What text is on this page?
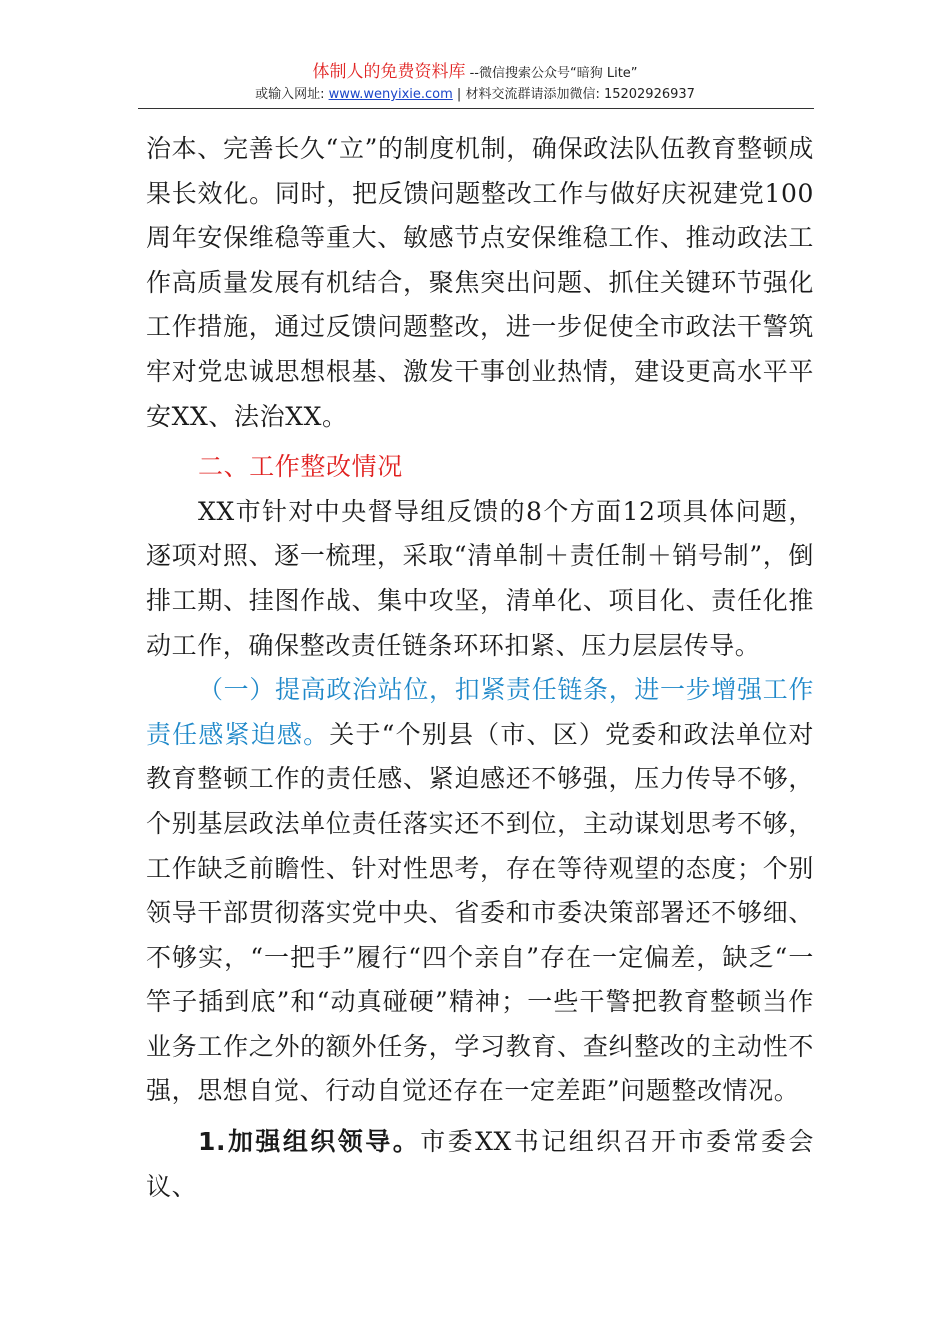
体制人的免费资料库 --微信搜索公众号“暗狗 Lite”
或输入网址: www.wenyixie.com | 材料交流群请添加微信: 15202926937

治本、完善长久“立”的制度机制，确保政法队伍教育整顿成果长效化。同时，把反馈问题整改工作与做好庆祝建党100周年安保维稳等重大、敏感节点安保维稳工作、推动政法工作高质量发展有机结合，聚焦突出问题、抓住关键环节强化工作措施，通过反馈问题整改，进一步促使全市政法干警筑牢对党忠诚思想根基、激发干事创业热情，建设更高水平平安XX、法治XX。

二、工作整改情况

XX市针对中央督导组反馈的8个方面12项具体问题，逐项对照、逐一梳理，采取“清单制＋责任制＋销号制”，倒排工期、挂图作战、集中攻坚，清单化、项目化、责任化推动工作，确保整改责任链条环环扣紧、压力层层传导。

（一）提高政治站位，扣紧责任链条，进一步增强工作责任感紧迫感。关于“个别县（市、区）党委和政法单位对教育整顿工作的责任感、紧迫感还不够强，压力传导不够，个别基层政法单位责任落实还不到位，主动谋划思考不够，工作缺乏前瞻性、针对性思考，存在等待观望的态度；个别领导干部贯彻落实党中央、省委和市委决策部署还不够细、不够实，“一把手”履行“四个亲自”存在一定偏差，缺乏“一竿子插到底”和“动真碰硬”精神；一些干警把教育整顿当作业务工作之外的额外任务，学习教育、查纠整改的主动性不强，思想自觉、行动自觉还存在一定差距”问题整改情况。

1.加强组织领导。市委XX书记组织召开市委常委会议、
